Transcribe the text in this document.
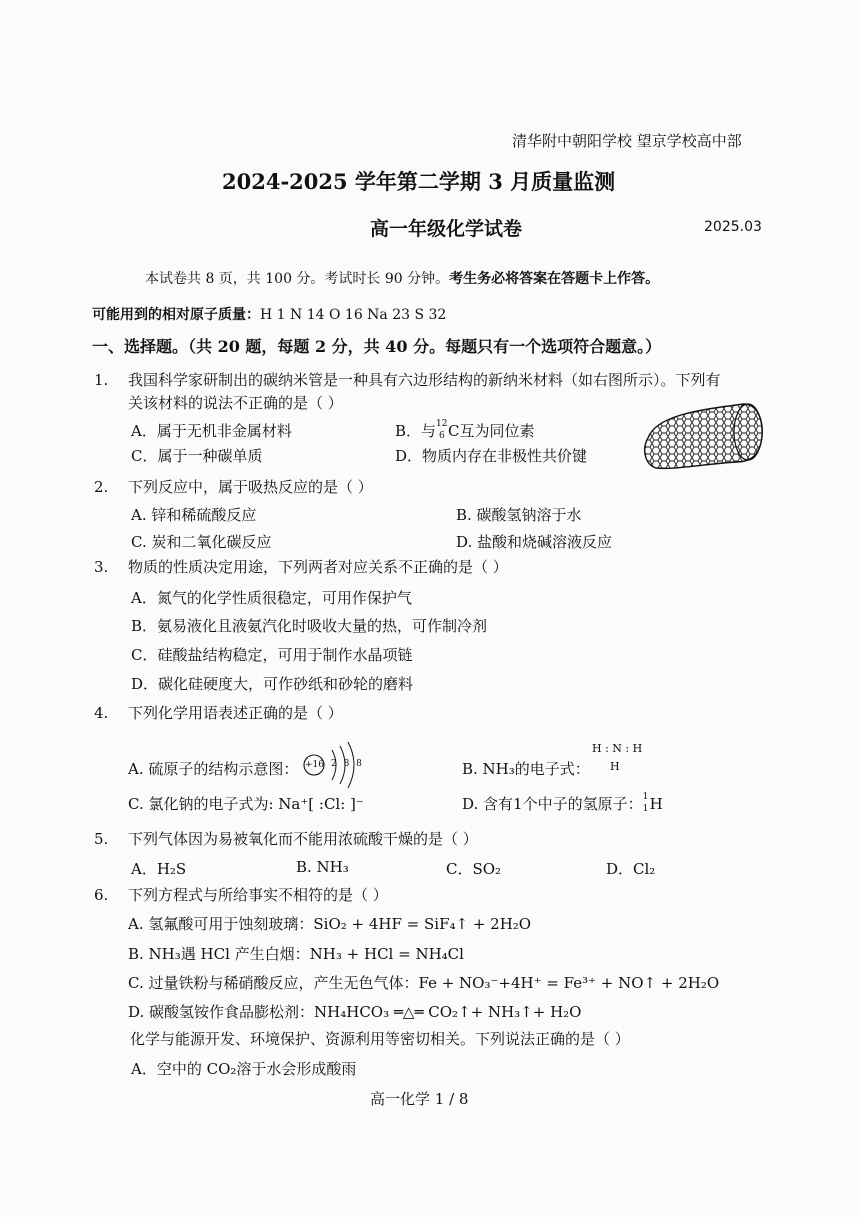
清华附中朝阳学校 望京学校高中部
2024-2025 学年第二学期 3 月质量监测
高一年级化学试卷	2025.03
本试卷共 8 页，共 100 分。考试时长 90 分钟。考生务必将答案在答题卡上作答。
可能用到的相对原子质量：H 1 N 14 O 16 Na 23 S 32
一、选择题。（共 20 题，每题 2 分，共 40 分。每题只有一个选项符合题意。）
1. 我国科学家研制出的碳纳米管是一种具有六边形结构的新纳米材料（如右图所示）。下列有
关该材料的说法不正确的是（ ）
A．属于无机非金属材料	B．与 12
6 C互为同位素
C．属于一种碳单质	D．物质内存在非极性共价键
2. 下列反应中，属于吸热反应的是（ ）
A. 锌和稀硫酸反应	B. 碳酸氢钠溶于水
C. 炭和二氧化碳反应	D. 盐酸和烧碱溶液反应
3. 物质的性质决定用途，下列两者对应关系不正确的是（ ）
A．氮气的化学性质很稳定，可用作保护气
B．氨易液化且液氨汽化时吸收大量的热，可作制冷剂
C．硅酸盐结构稳定，可用于制作水晶项链
D．碳化硅硬度大，可作砂纸和砂轮的磨料
4. 下列化学用语表述正确的是（ ）
A. 硫原子的结构示意图： +16 2 8 8	B. NH₃的电子式：
H : N : H
H
C. 氯化钠的电子式为: Na⁺[ :Cl: ]⁻	D. 含有1个中子的氢原子： 1
1 H
5. 下列气体因为易被氧化而不能用浓硫酸干燥的是（ ）
A．H₂S	B. NH₃	C．SO₂	D．Cl₂
6. 下列方程式与所给事实不相符的是（ ）
A. 氢氟酸可用于蚀刻玻璃：SiO₂ + 4HF = SiF₄↑ + 2H₂O
B. NH₃遇 HCl 产生白烟：NH₃ + HCl = NH₄Cl
C. 过量铁粉与稀硝酸反应，产生无色气体：Fe + NO₃⁻+4H⁺ = Fe³⁺ + NO↑ + 2H₂O
D. 碳酸氢铵作食品膨松剂：NH₄HCO₃ ═△═ CO₂↑+ NH₃↑+ H₂O
化学与能源开发、环境保护、资源利用等密切相关。下列说法正确的是（ ）
A．空中的 CO₂溶于水会形成酸雨
高一化学 1 / 8
